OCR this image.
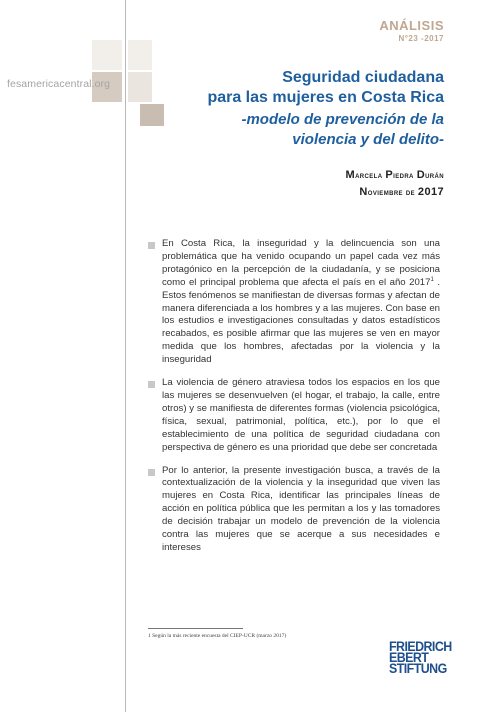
ANÁLISIS
N°23 -2017
fesamericacentral.org	Seguridad ciudadana
para las mujeres en Costa Rica
-modelo de prevención de la
violencia y del delito-
Marcela Piedra Durán
Noviembre de 2017

En Costa Rica, la inseguridad y la delincuencia son una problemática que ha venido ocupando un papel cada vez más protagónico en la percepción de la ciudadanía, y se posiciona como el principal problema que afecta el país en el año 2017$^1$ . Estos fenómenos se manifiestan de diversas formas y afectan de manera diferenciada a los hombres y a las mujeres. Con base en los estudios e investigaciones consultadas y datos estadísticos recabados, es posible afirmar que las mujeres se ven en mayor medida que los hombres, afectadas por la violencia y la inseguridad

La violencia de género atraviesa todos los espacios en los que las mujeres se desenvuelven (el hogar, el trabajo, la calle, entre otros) y se manifiesta de diferentes formas (violencia psicológica, física, sexual, patrimonial, política, etc.), por lo que el establecimiento de una política de seguridad ciudadana con perspectiva de género es una prioridad que debe ser concretada

Por lo anterior, la presente investigación busca, a través de la contextualización de la violencia y la inseguridad que viven las mujeres en Costa Rica, identificar las principales líneas de acción en política pública que les permitan a los y las tomadores de decisión trabajar un modelo de prevención de la violencia contra las mujeres que se acerque a sus necesidades e intereses

1 Según la más reciente encuesta del CIEP-UCR (marzo 2017)
FRIEDRICH
EBERT
STIFTUNG
